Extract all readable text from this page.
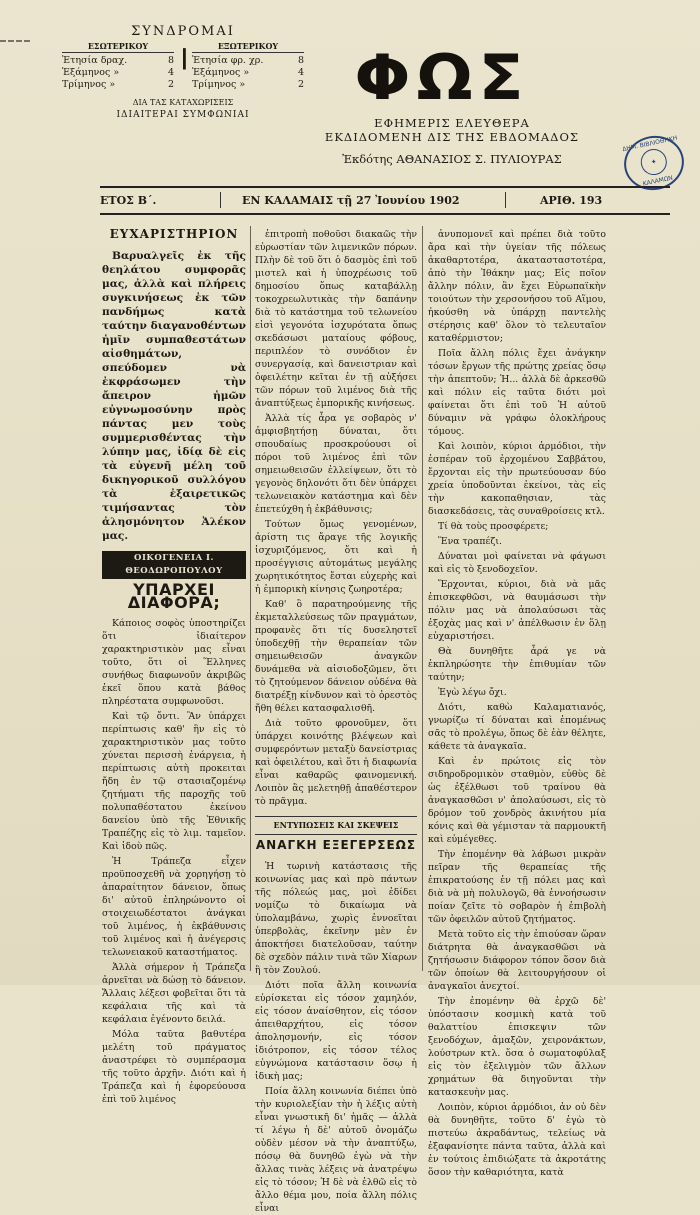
ΣΥΝΔΡΟΜΑΙ
ΕΣΩΤΕΡΙΚΟΥ
Ἐτησία δραχ.	8
Ἑξάμηνος »	4
Τρίμηνος »	2
┃
ΕΞΩΤΕΡΙΚΟΥ
Ἐτησία φρ. χρ.	8
Ἑξάμηνος »	4
Τρίμηνος »	2
ΔΙΑ ΤΑΣ ΚΑΤΑΧΩΡΙΣΕΙΣ
ΙΔΙΑΙΤΕΡΑΙ ΣΥΜΦΩΝΙΑΙ
ΦΩΣ
ΕΦΗΜΕΡΙΣ ΕΛΕΥΘΕΡΑ
ΕΚΔΙΔΟΜΕΝΗ ΔΙΣ ΤΗΣ ΕΒΔΟΜΑΔΟΣ
Ἐκδότης ΑΘΑΝΑΣΙΟΣ Σ. ΠΥΛΙΟΥΡΑΣ
ΔΗΜ. ΒΙΒΛΙΟΘΗΚΗ
✦
ΚΑΛΑΜΩΝ
ΕΤΟΣ Β΄.	ΕΝ ΚΑΛΑΜΑΙΣ τῇ 27 Ἰουνίου 1902	ΑΡΙΘ. 193
ΕΥΧΑΡΙΣΤΗΡΙΟΝ
Βαρυαλγεῖς ἐκ τῆς θεηλάτου συμφορᾶς μας, ἀλλὰ καὶ πλήρεις συγκινήσεως ἐκ τῶν πανδήμως κατὰ ταύτην διαγανοθέντων ἡμῖν συμπαθεστάτων αἰσθημάτων, σπεύδομεν νὰ ἐκφράσωμεν τὴν ἄπειρον ἡμῶν εὐγνωμοσύνην πρὸς πάντας μεν τοὺς συμμερισθέντας τὴν λύπην μας, ἰδίᾳ δὲ εἰς τὰ εὐγενῆ μέλη τοῦ δικηγορικοῦ συλλόγου τὰ ἐξαιρετικῶς τιμήσαντας τὸν ἀλησμόνητον Ἀλέκον μας.
ΟΙΚΟΓΕΝΕΙΑ Ι. ΘΕΟΔΩΡΟΠΟΥΛΟΥ
ΥΠΑΡΧΕΙ ΔΙΑΦΟΡΑ;

Κάποιος σοφὸς ὑποστηρίζει ὅτι ἰδιαίτερον χαρακτηριστικὸν μας εἶναι τοῦτο, ὅτι οἱ Ἕλληνες συνήθως διαφωνοῦν ἀκριβῶς ἐκεῖ ὅπου κατὰ βάθος πληρέστατα συμφωνοῦσι.

Καὶ τῷ ὄντι. Ἂν ὑπάρχει περίπτωσις καθ' ἣν εἰς τὸ χαρακτηριστικὸν μας τοῦτο χύνεται περισσὴ ἐνάργεια, ἡ περίπτωσις αὐτὴ προκειται ἤδη ἐν τῷ στασιαζομένῳ ζητήματι τῆς παροχῆς τοῦ πολυπαθέστατου ἐκείνου δανείου ὑπὸ τῆς Ἐθνικῆς Τραπέζης εἰς τὸ λιμ. ταμεῖον. Καὶ ἰδοὺ πῶς.

Ἡ Τράπεζα εἶχεν προϋποσχεθῆ νὰ χορηγήσῃ τὸ ἀπαραίτητον δάνειον, ὅπως δι' αὐτοῦ ἐπληρώνοντο οἱ στοιχειωδέστατοι ἀνάγκαι τοῦ λιμένος, ἡ ἐκβάθυνσις τοῦ λιμένος καὶ ἡ ἀνέγερσις τελωνειακοῦ καταστήματος.

Ἀλλὰ σήμερον ἡ Τράπεζα ἀρνεῖται νὰ δώσῃ τὸ δάνειον. Ἄλλαις λέξεσι φοβεῖται ὅτι τὰ κεφάλαια τῆς καὶ τὰ κεφάλαια ἐγένοντο δειλά.

Μόλα ταῦτα βαθυτέρα μελέτη τοῦ πράγματος ἀναστρέφει τὸ συμπέρασμα τῆς τοῦτο ἀρχῆν. Διότι καὶ ἡ Τράπεζα καὶ ἡ ἐφορεύουσα ἐπὶ τοῦ λιμένος

ἐπιτροπὴ ποθοῦσι διακαῶς τὴν εὐρωστίαν τῶν λιμενικῶν πόρων. Πλὴν δὲ τοῦ ὅτι ὁ δασμὸς ἐπὶ τοῦ μιστελ καὶ ἡ ὑποχρέωσις τοῦ δημοσίου ὅπως καταβάλλῃ τοκοχρεωλυτικὰς τὴν δαπάνην διὰ τὸ κατάστημα τοῦ τελωνείου εἰσὶ γεγονότα ἰσχυρότατα ὅπως σκεδάσωσι ματαίους φόβους, περιπλέον τὸ συνόδιον ἐν συνεργασίᾳ, καὶ δανειστριαν καὶ ὀφειλέτην κεῖται ἐν τῇ αὐξήσει τῶν πόρων τοῦ λιμένος διὰ τῆς ἀναπτύξεως ἐμπορικῆς κινήσεως.

Ἀλλὰ τίς ἆρα γε σοβαρὸς ν' ἀμφισβητήσῃ δύναται, ὅτι σπουδαίως προσκρούουσι οἱ πόροι τοῦ λιμένος ἐπὶ τῶν σημειωθεισῶν ἐλλείψεων, ὅτι τὸ γεγονὸς δηλονότι ὅτι δὲν ὑπάρχει τελωνειακὸν κατάστημα καὶ δὲν ἐπετεύχθη ἡ ἐκβάθυνσις;

Τούτων ὅμως γενομένων, ἀρίστη τις ἄραγε τῆς λογικῆς ἰσχυριζόμενος, ὅτι καὶ ἡ προσέγγισις αὐτομάτως μεγάλης χωρητικότητος ἔσται εὐχερὴς καὶ ἡ ἐμπορικὴ κίνησις ζωηροτέρα;

Καθ' ὃ παρατηρούμενης τῆς ἐκμεταλλεύσεως τῶν πραγμάτων, προφανὲς ὅτι τίς δυσεληστεῖ ὑποδεχθῇ τὴν θεραπείαν τῶν σημειωθεισῶν ἀναγκῶν δυνάμεθα νὰ αἰσιοδοξῶμεν, ὅτι τὸ ζητούμενον δάνειον οὐδένα θὰ διατρέξῃ κίνδυνον καὶ τὸ ὀρεστὸς ἤθη θέλει κατασφαλισθῆ.

Διὰ τοῦτο φρονοῦμεν, ὅτι ὑπάρχει κοινότης βλέψεων καὶ συμφερόντων μεταξὺ δανείστριας καὶ ὀφειλέτου, καὶ ὅτι ἡ διαφωνία εἶναι καθαρῶς φαινομενική. Λοιπὸν ἂς μελετηθῇ ἀπαθέστερον τὸ πρᾶγμα.

ΕΝΤΥΠΩΣΕΙΣ ΚΑΙ ΣΚΕΨΕΙΣ
ΑΝΑΓΚΗ ΕΞΕΓΕΡΣΕΩΣ

Ἡ τωρινὴ κατάστασις τῆς κοινωνίας μας καὶ πρὸ πάντων τῆς πόλεώς μας, μοὶ ἐδίδει νομίζω τὸ δικαίωμα νὰ ὑπολαμβάνω, χωρὶς ἐννοεῖται ὑπερβολὰς, ἐκεῖνην μὲν ἐν ἀποκτήσει διατελοῦσαν, ταύτην δὲ σχεδὸν πάλιν τινὰ τῶν Χίαρων ἢ τὸν Ζουλού.

Διότι ποῖα ἄλλη κοινωνία εὑρίσκεται εἰς τόσον χαμηλόν, εἰς τόσον ἀναίσθητον, εἰς τόσον ἀπειθαρχήτου, εἰς τόσον ἀπολησμονήν, εἰς τόσον ἰδιότροπον, εἰς τόσον τέλος εὐγνώμονα κατάστασιν ὅσῳ ἡ ἰδικὴ μας;

Ποία ἄλλη κοινωνία διέπει ὑπὸ τὴν κυριολεξίαν τὴν ἡ λέξις αὐτὴ εἶναι γνωστικῆ δι' ἡμᾶς — ἀλλὰ τί λέγω ἡ δὲ' αὐτοῦ ὀνομάζω οὐδὲν μέσον νὰ τὴν ἀναπτύξω, πόσῳ θὰ δυνηθῶ ἐγὼ νὰ τὴν ἄλλας τινὰς λέξεις νὰ ἀνατρέψω εἰς τὸ τόσον; Ἡ δὲ νὰ ἐλθῶ εἰς τὸ ἄλλο θέμα μου, ποία ἄλλη πόλις εἶναι

ἀνυπομονεῖ καὶ πρέπει διὰ τοῦτο ἄρα καὶ τὴν ὑγείαν τῆς πόλεως ἀκαθαρτοτέρα, ἀκατασταστοτέρα, ἀπὸ τὴν Ἰθάκην μας; Εἰς ποῖον ἄλλην πόλιν, ἂν ἔχει Εὐρωπαϊκὴν τοιούτων τὴν χερσονήσου τοῦ Αἵμου, ἠκούσθη νὰ ὑπάρχῃ παντελὴς στέρησις καθ' ὅλον τὸ τελευταῖον καταθέρμιστον;

Ποῖα ἄλλη πόλις ἔχει ἀνάγκην τόσων ἔργων τῆς πρώτης χρείας ὅσῳ τὴν ἀπεπτοῦν; Ἡ... ἀλλὰ δὲ ἀρκεσθῶ καὶ πόλιν εἰς ταῦτα διότι μοὶ φαίνεται ὅτι ἐπὶ τοῦ Ἡ αὐτοῦ δύναμιν νὰ γράφω ὁλοκλήρους τόμους.

Καὶ λοιπὸν, κύριοι ἀρμόδιοι, τὴν ἐσπέραν τοῦ ἐρχομένου Σαββάτου, ἔρχονται εἰς τὴν πρωτεύουσαν δύο χρεία ὑποδοῦνται ἐκείνοι, τὰς εἰς τὴν κακοπαθησιαν, τὰς διασκεδάσεις, τὰς συναθροίσεις κτλ.

Τί θὰ τοὺς προσφέρετε;

Ἕνα τραπέζι.

Δύναται μοὶ φαίνεται νὰ φάγωσι καὶ εἰς τὸ ξενοδοχεῖον.

Ἔρχονται, κύριοι, διὰ νὰ μᾶς ἐπισκεφθῶσι, νὰ θαυμάσωσι τὴν πόλιν μας νὰ ἀπολαύσωσι τὰς ἐξοχὰς μας καὶ ν' ἀπέλθωσιν ἐν ὅλῃ εὐχαριστήσει.

Θὰ δυνηθῆτε ἆρά γε νὰ ἐκπληρώσητε τὴν ἐπιθυμίαν τῶν ταύτην;

Ἐγὼ λέγω ὄχι.

Διότι, καθὼ Καλαματιανός, γνωρίζω τί δύναται καὶ ἐπομένως σᾶς τὸ προλέγω, ὅπως δὲ ἐὰν θέλητε, κάθετε τὰ ἀναγκαῖα.

Καὶ ἐν πρώτοις εἰς τὸν σιδηροδρομικὸν σταθμὸν, εὐθὺς δὲ ὡς ἐξέλθωσι τοῦ τραίνου θὰ ἀναγκασθῶσι ν' ἀπολαύσωσι, εἰς τὸ δρόμον τοῦ χονδρὸς ἀκινήτου μία κόνις καὶ θὰ γέμισταν τὰ παρμουκτῆ καὶ εὐμέγεθες.

Τὴν ἐπομένην θὰ λάβωσι μικρὰν πεῖραν τῆς θεραπείας τῆς ἐπικρατούσης ἐν τῇ πόλει μας καὶ διὰ νὰ μὴ πολυλογῶ, θὰ ἐννοήσωσιν ποίαν ζεῖτε τὸ σοβαρὸν ἡ ἐπιβολὴ τῶν ὀφειλῶν αὐτοῦ ζητήματος.

Μετὰ τοῦτο εἰς τὴν ἐπιούσαν ὥραν διάτρητα θὰ ἀναγκασθῶσι νὰ ζητήσωσιν διάφορον τόπον ὅσον διὰ τῶν ὁποίων θὰ λειτουργήσουν οἱ ἀναγκαῖοι ἀνεχτοί.

Τὴν ἐπομένην θὰ ἐρχῶ δὲ' ὑπόστασιν κοσμικὴ κατὰ τοῦ θαλαττίου ἐπισκεψιν τῶν ξενοδόχων, ἀμαξῶν, χειρονάκτων, λούστρων κτλ. ὅσα ὁ σωματοφύλαξ εἰς τὸν ἐξελιγμὸν τῶν ἄλλων χρημάτων θὰ διηγοῦνται τὴν κατασκευὴν μας.

Λοιπὸν, κύριοι ἀρμόδιοι, ἀν οὐ δὲν θὰ δυνηθῆτε, τοῦτο δ' ἐγὼ τὸ πιστεύω ἀκραδάντως, τελείως νὰ ἐξαφανίσητε πάντα ταῦτα, ἀλλὰ καὶ ἐν τούτοις ἐπιδιώξατε τὰ ἀκροτάτης ὅσον τὴν καθαριότητα, κατὰ
